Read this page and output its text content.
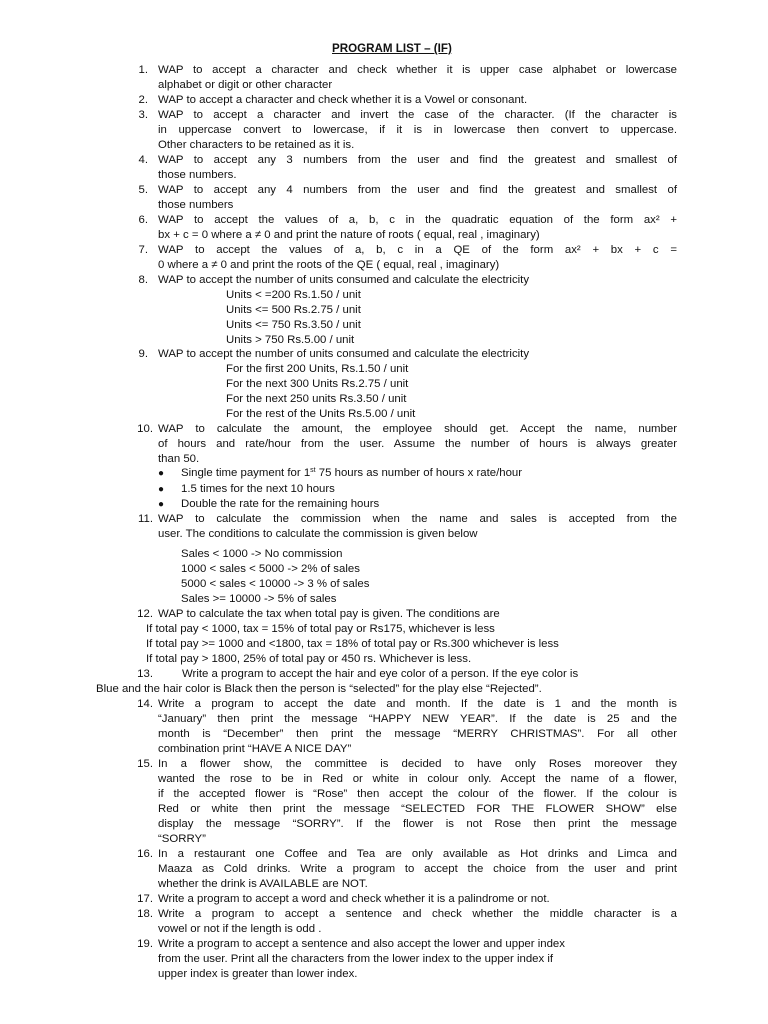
PROGRAM LIST – (IF)
1. WAP to accept a character and check whether it is upper case alphabet or lowercase
alphabet or digit or other character
2. WAP to accept a character and check whether it is a Vowel or consonant.
3. WAP to accept a character and invert the case of the character. (If the character is
in uppercase convert to lowercase, if it is in lowercase then convert to uppercase.
Other characters to be retained as it is.
4. WAP to accept any 3 numbers from the user and find the greatest and smallest of
those numbers.
5. WAP to accept any 4 numbers from the user and find the greatest and smallest of
those numbers
6. WAP to accept the values of a, b, c in the quadratic equation of the form ax² +
bx + c = 0 where a ≠ 0 and print the nature of roots ( equal, real , imaginary)
7. WAP to accept the values of a, b, c in a QE of the form ax² + bx + c =
0 where a ≠ 0 and print the roots of the QE ( equal, real , imaginary)
8. WAP to accept the number of units consumed and calculate the electricity
Units < =200 Rs.1.50 / unit
Units <= 500 Rs.2.75 / unit
Units <= 750 Rs.3.50 / unit
Units > 750 Rs.5.00 / unit
9. WAP to accept the number of units consumed and calculate the electricity
For the first 200 Units, Rs.1.50 / unit
For the next 300 Units Rs.2.75 / unit
For the next 250 units Rs.3.50 / unit
For the rest of the Units Rs.5.00 / unit
10. WAP to calculate the amount, the employee should get. Accept the name, number
of hours and rate/hour from the user. Assume the number of hours is always greater
than 50.
● Single time payment for 1st 75 hours as number of hours x rate/hour
● 1.5 times for the next 10 hours
● Double the rate for the remaining hours
11. WAP to calculate the commission when the name and sales is accepted from the
user. The conditions to calculate the commission is given below
Sales < 1000 -> No commission
1000 < sales < 5000 -> 2% of sales
5000 < sales < 10000 -> 3 % of sales
Sales >= 10000 -> 5% of sales
12. WAP to calculate the tax when total pay is given. The conditions are
If total pay < 1000, tax = 15% of total pay or Rs175, whichever is less
If total pay >= 1000 and <1800, tax = 18% of total pay or Rs.300 whichever is less
If total pay > 1800, 25% of total pay or 450 rs. Whichever is less.
13.	Write a program to accept the hair and eye color of a person. If the eye color is
Blue and the hair color is Black then the person is “selected” for the play else “Rejected”.
14. Write a program to accept the date and month. If the date is 1 and the month is
“January” then print the message “HAPPY NEW YEAR”. If the date is 25 and the
month is “December” then print the message “MERRY CHRISTMAS”. For all other
combination print “HAVE A NICE DAY”
15. In a flower show, the committee is decided to have only Roses moreover they
wanted the rose to be in Red or white in colour only. Accept the name of a flower,
if the accepted flower is “Rose” then accept the colour of the flower. If the colour is
Red or white then print the message “SELECTED FOR THE FLOWER SHOW” else
display the message “SORRY”. If the flower is not Rose then print the message
“SORRY”
16. In a restaurant one Coffee and Tea are only available as Hot drinks and Limca and
Maaza as Cold drinks. Write a program to accept the choice from the user and print
whether the drink is AVAILABLE are NOT.
17. Write a program to accept a word and check whether it is a palindrome or not.
18. Write a program to accept a sentence and check whether the middle character is a
vowel or not if the length is odd .
19. Write a program to accept a sentence and also accept the lower and upper index
from the user. Print all the characters from the lower index to the upper index if
upper index is greater than lower index.
